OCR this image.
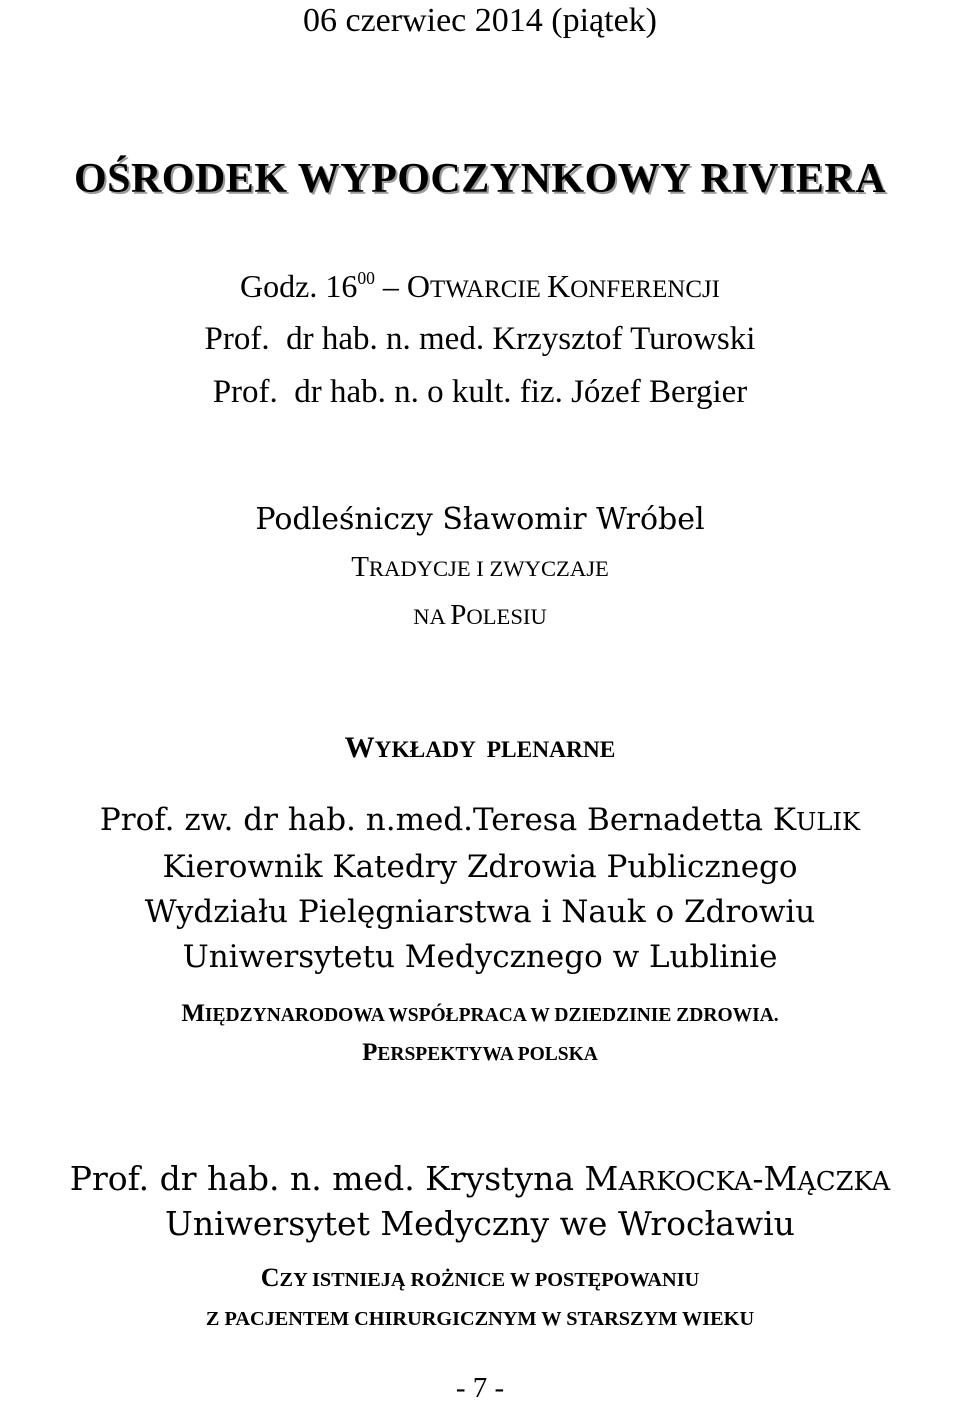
06 czerwiec 2014 (piątek)
OŚRODEK WYPOCZYNKOWY RIVIERA
Godz. $16^{00}$ – OTWARCIE KONFERENCJI
Prof.  dr hab. n. med. Krzysztof Turowski
Prof.  dr hab. n. o kult. fiz. Józef Bergier
Podleśniczy Sławomir Wróbel
TRADYCJE I ZWYCZAJE
NA POLESIU
WYKŁADY  PLENARNE
Prof. zw. dr hab. n.med.Teresa Bernadetta KULIK
Kierownik Katedry Zdrowia Publicznego
Wydziału Pielęgniarstwa i Nauk o Zdrowiu
Uniwersytetu Medycznego w Lublinie
MIĘDZYNARODOWA WSPÓŁPRACA W DZIEDZINIE ZDROWIA.
PERSPEKTYWA POLSKA
Prof. dr hab. n. med. Krystyna MARKOCKA-MĄCZKA
Uniwersytet Medyczny we Wrocławiu
CZY ISTNIEJĄ ROŻNICE W POSTĘPOWANIU
Z PACJENTEM CHIRURGICZNYM W STARSZYM WIEKU
- 7 -
